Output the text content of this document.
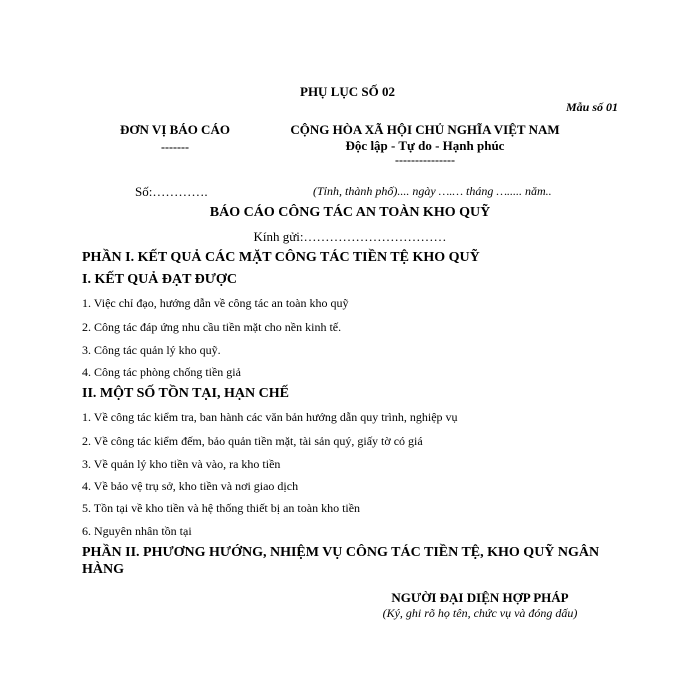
PHỤ LỤC SỐ 02
Mẫu số 01
ĐƠN VỊ BÁO CÁO
-------
CỘNG HÒA XÃ HỘI CHỦ NGHĨA VIỆT NAM
Độc lập - Tự do - Hạnh phúc
---------------
Số:………….	(Tỉnh, thành phố).... ngày ….… tháng …..... năm..
BÁO CÁO CÔNG TÁC AN TOÀN KHO QUỸ
Kính gửi:……………………………
PHẦN I. KẾT QUẢ CÁC MẶT CÔNG TÁC TIỀN TỆ KHO QUỸ
I. KẾT QUẢ ĐẠT ĐƯỢC
1. Việc chỉ đạo, hướng dẫn về công tác an toàn kho quỹ
2. Công tác đáp ứng nhu cầu tiền mặt cho nền kinh tế.
3. Công tác quản lý kho quỹ.
4. Công tác phòng chống tiền giả
II. MỘT SỐ TỒN TẠI, HẠN CHẾ
1. Về công tác kiểm tra, ban hành các văn bản hướng dẫn quy trình, nghiệp vụ
2. Về công tác kiểm đếm, bảo quản tiền mặt, tài sản quý, giấy tờ có giá
3. Về quản lý kho tiền và vào, ra kho tiền
4. Về bảo vệ trụ sở, kho tiền và nơi giao dịch
5. Tồn tại về kho tiền và hệ thống thiết bị an toàn kho tiền
6. Nguyên nhân tồn tại
PHẦN II. PHƯƠNG HƯỚNG, NHIỆM VỤ CÔNG TÁC TIỀN TỆ, KHO QUỸ NGÂN
HÀNG
NGƯỜI ĐẠI DIỆN HỢP PHÁP
(Ký, ghi rõ họ tên, chức vụ và đóng dấu)
